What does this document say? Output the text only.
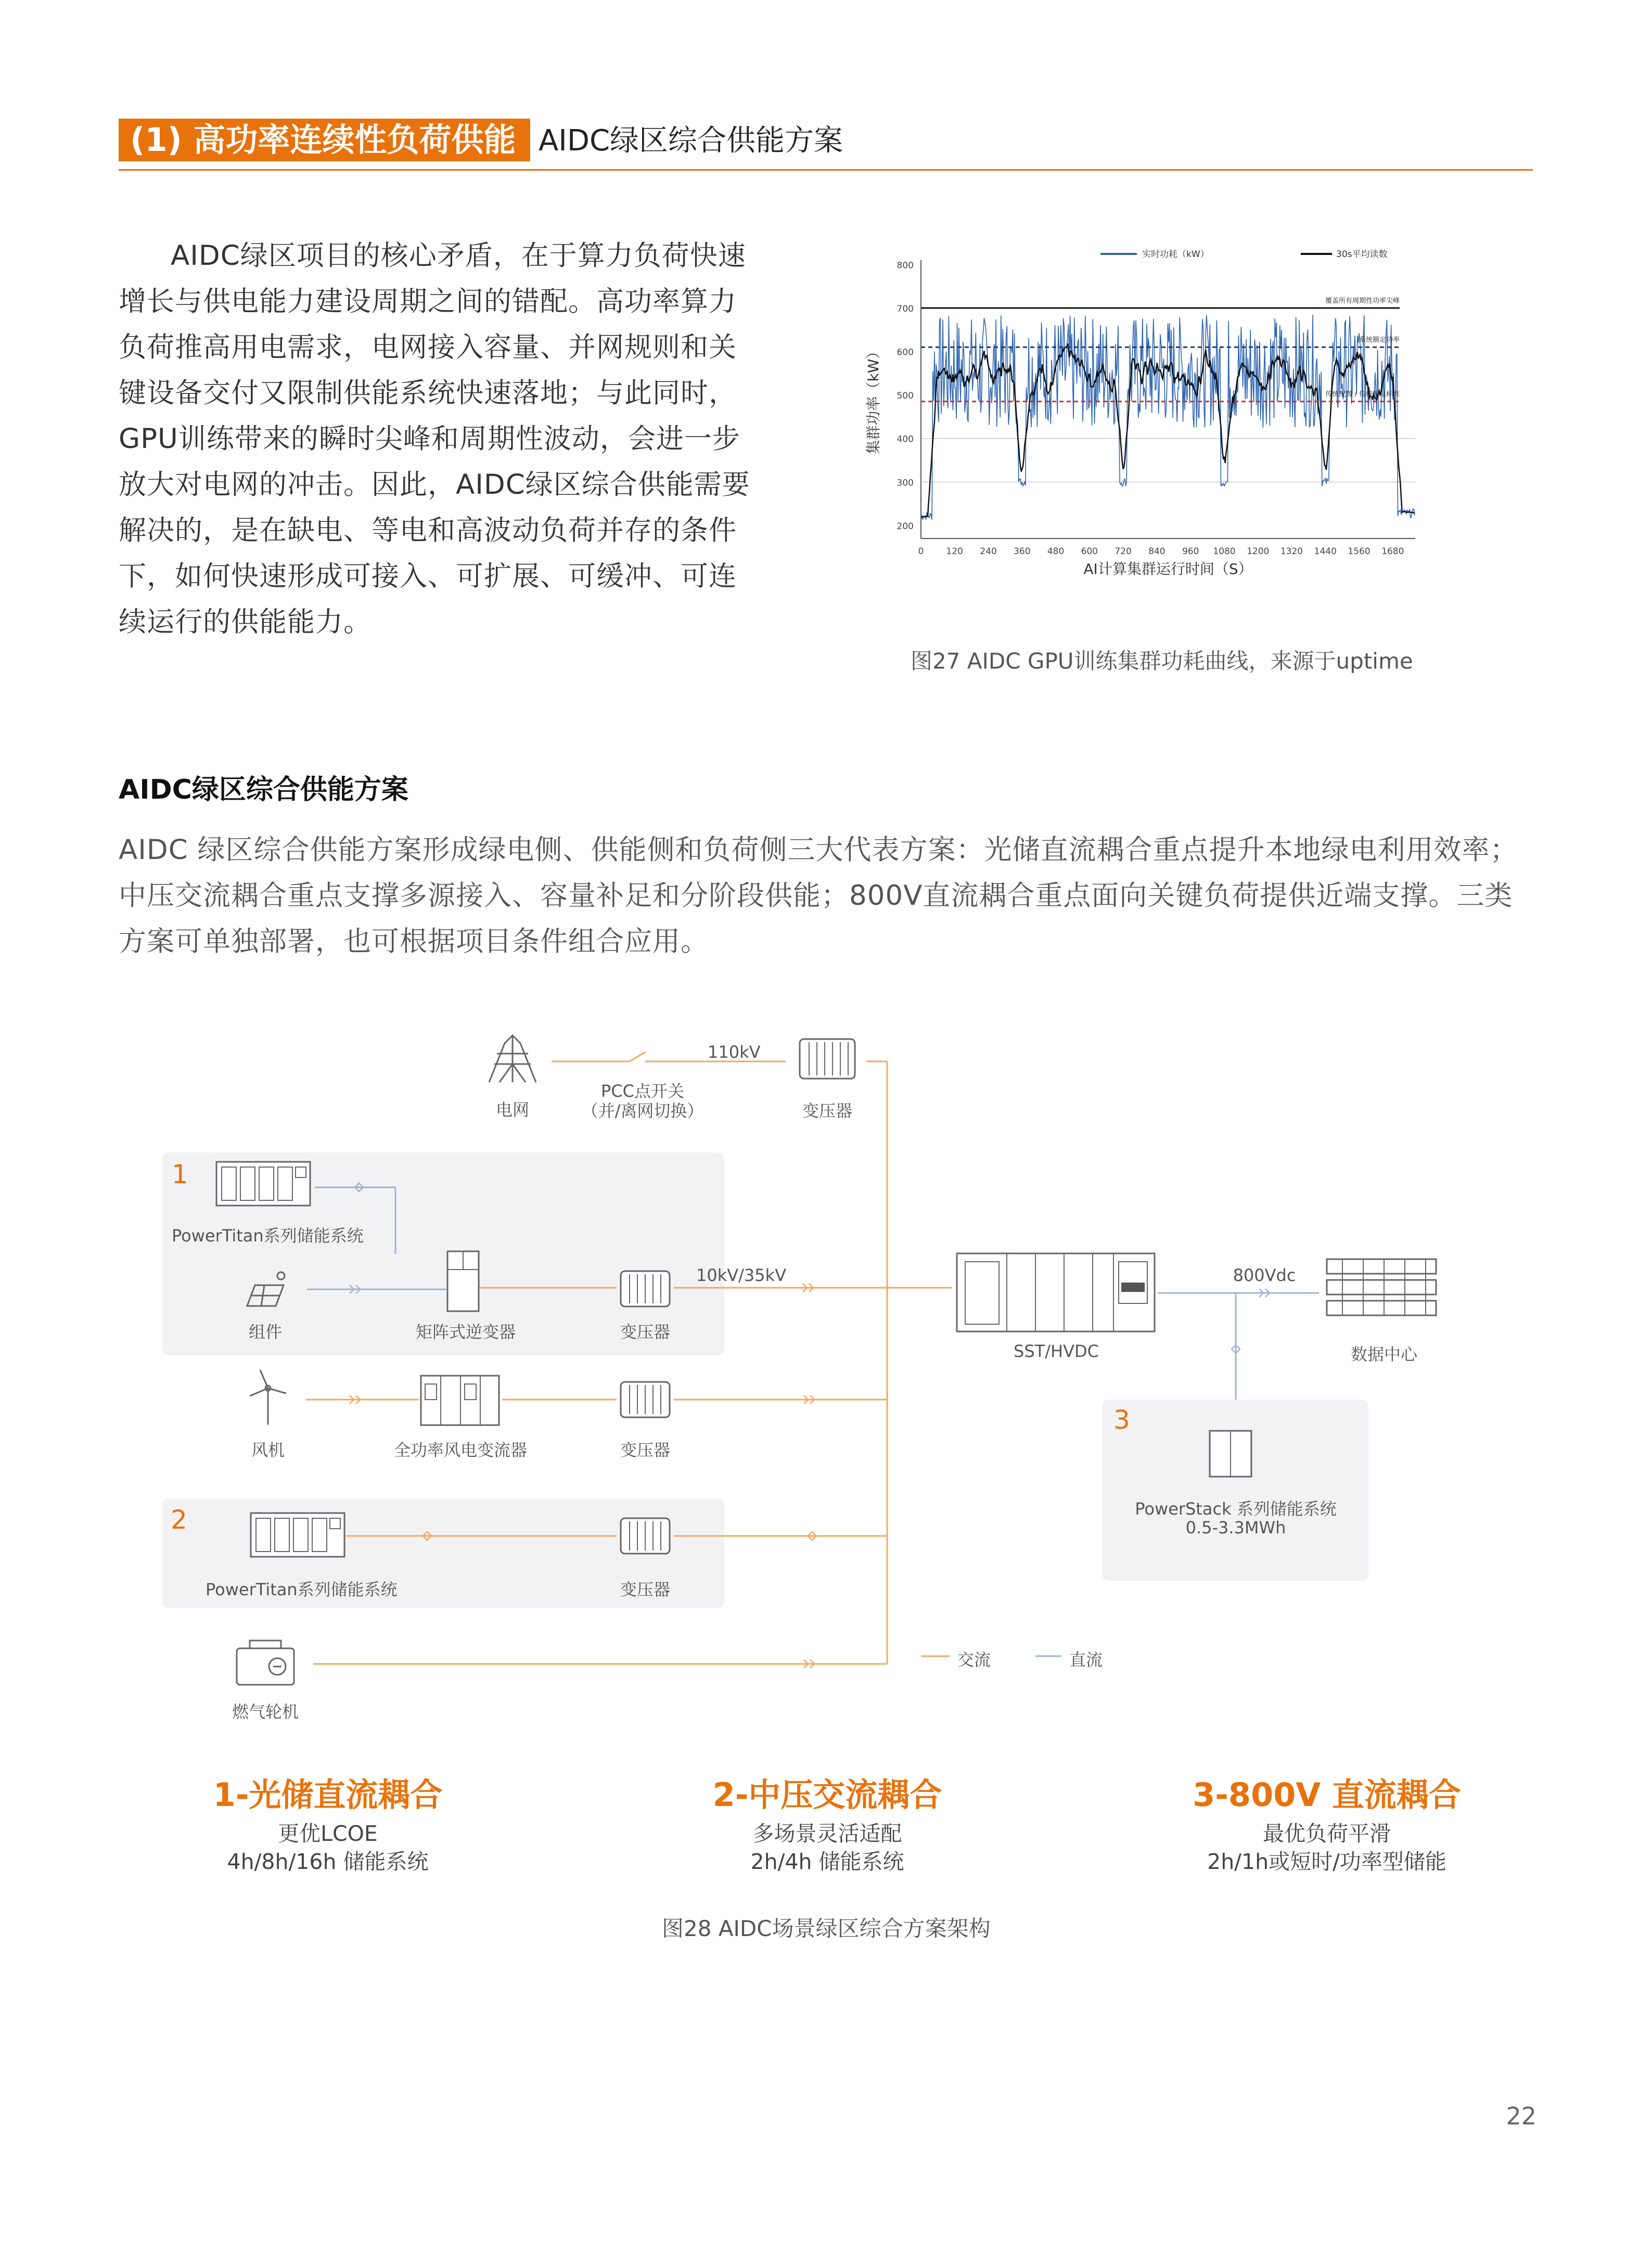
(1) 高功率连续性负荷供能 AIDC绿区综合供能方案
AIDC绿区项目的核心矛盾，在于算力负荷快速增长与供电能力建设周期之间的错配。高功率算力负荷推高用电需求，电网接入容量、并网规则和关键设备交付又限制供能系统快速落地；与此同时，GPU训练带来的瞬时尖峰和周期性波动，会进一步放大对电网的冲击。因此，AIDC绿区综合供能需要解决的，是在缺电、等电和高波动负荷并存的条件下，如何快速形成可接入、可扩展、可缓冲、可连续运行的供能能力。
覆盖所有周期性功率尖峰
系统额定功率
传统配置 / 传统配电标准
200
300
400
500
600
700
800
0	120 240 360 480 600 720 840 960 1080 1200 1320 1440 1560 1680
AI计算集群运行时间（S）
集群功率（kW）
实时功耗（kW）	30s平均读数
图27 AIDC GPU训练集群功耗曲线，来源于uptime
AIDC绿区综合供能方案
AIDC 绿区综合供能方案形成绿电侧、供能侧和负荷侧三大代表方案：光储直流耦合重点提升本地绿电利用效率；中压交流耦合重点支撑多源接入、容量补足和分阶段供能；800V直流耦合重点面向关键负荷提供近端支撑。三类方案可单独部署，也可根据项目条件组合应用。
电网
PCC点开关
（并/离网切换）
110kV
变压器
1
PowerTitan系列储能系统
组件	矩阵式逆变器	变压器
10kV/35kV
SST/HVDC
800Vdc
数据中心
风机	全功率风电变流器	变压器
3
PowerStack 系列储能系统
0.5-3.3MWh
2
PowerTitan系列储能系统	变压器
燃气轮机
交流	直流
1-光储直流耦合
更优LCOE
4h/8h/16h 储能系统
2-中压交流耦合
多场景灵活适配
2h/4h 储能系统
3-800V 直流耦合
最优负荷平滑
2h/1h或短时/功率型储能
图28 AIDC场景绿区综合方案架构
22
